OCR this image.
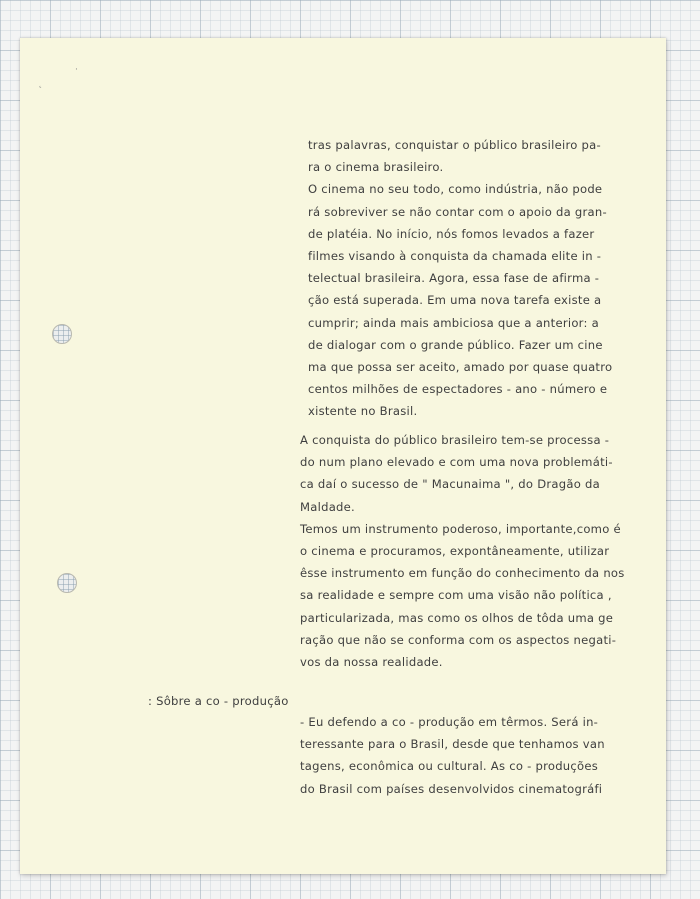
˛
·
tras palavras, conquistar o público brasileiro pa-
ra o cinema brasileiro.
O cinema no seu todo, como indústria, não pode
rá sobreviver se não contar com o apoio da gran-
de platéia. No início, nós fomos levados a fazer
filmes visando à conquista da chamada elite in -
telectual brasileira. Agora, essa fase de afirma -
ção está superada. Em uma nova tarefa existe a
cumprir; ainda mais ambiciosa que a anterior: a
de dialogar com o grande público. Fazer um cine
ma que possa ser aceito, amado por quase quatro
centos milhões de espectadores - ano - número e
xistente no Brasil.
A conquista do público brasileiro tem-se processa -
do num plano elevado e com uma nova problemáti-
ca daí o sucesso de " Macunaima ", do Dragão da
Maldade.
Temos um instrumento poderoso, importante,como é
o cinema e procuramos, expontâneamente, utilizar
êsse instrumento em função do conhecimento da nos
sa realidade e sempre com uma visão não política ,
particularizada, mas como os olhos de tôda uma ge
ração que não se conforma com os aspectos negati-
vos da nossa realidade.
: Sôbre a co - produção
- Eu defendo a co - produção em têrmos. Será in-
teressante para o Brasil, desde que tenhamos van
tagens, econômica ou cultural. As co - produções
do Brasil com países desenvolvidos cinematográfi
